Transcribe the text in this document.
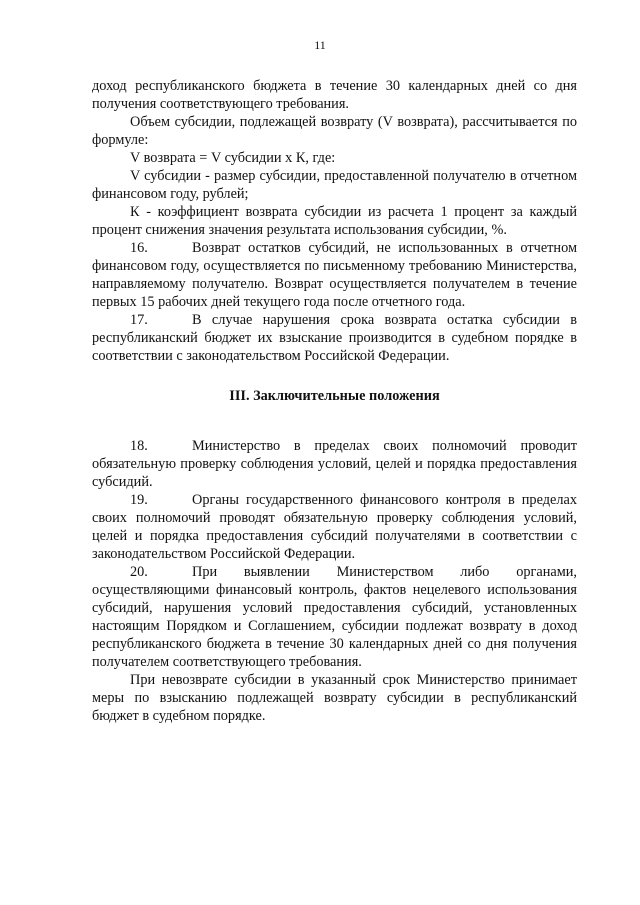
11

доход республиканского бюджета в течение 30 календарных дней со дня получения соответствующего требования.

Объем субсидии, подлежащей возврату (V возврата), рассчитывается по формуле:

V возврата = V субсидии x К, где:

V субсидии - размер субсидии, предоставленной получателю в отчетном финансовом году, рублей;

К - коэффициент возврата субсидии из расчета 1 процент за каждый процент снижения значения результата использования субсидии, %.

16.	Возврат остатков субсидий, не использованных в отчетном финансовом году, осуществляется по письменному требованию Министерства, направляемому получателю. Возврат осуществляется получателем в течение первых 15 рабочих дней текущего года после отчетного года.

17.	В случае нарушения срока возврата остатка субсидии в республиканский бюджет их взыскание производится в судебном порядке в соответствии с законодательством Российской Федерации.

III. Заключительные положения

18.	Министерство в пределах своих полномочий проводит обязательную проверку соблюдения условий, целей и порядка предоставления субсидий.

19.	Органы государственного финансового контроля в пределах своих полномочий проводят обязательную проверку соблюдения условий, целей и порядка предоставления субсидий получателями в соответствии с законодательством Российской Федерации.

20.	При выявлении Министерством либо органами, осуществляющими финансовый контроль, фактов нецелевого использования субсидий, нарушения условий предоставления субсидий, установленных настоящим Порядком и Соглашением, субсидии подлежат возврату в доход республиканского бюджета в течение 30 календарных дней со дня получения получателем соответствующего требования.

При невозврате субсидии в указанный срок Министерство принимает меры по взысканию подлежащей возврату субсидии в республиканский бюджет в судебном порядке.
